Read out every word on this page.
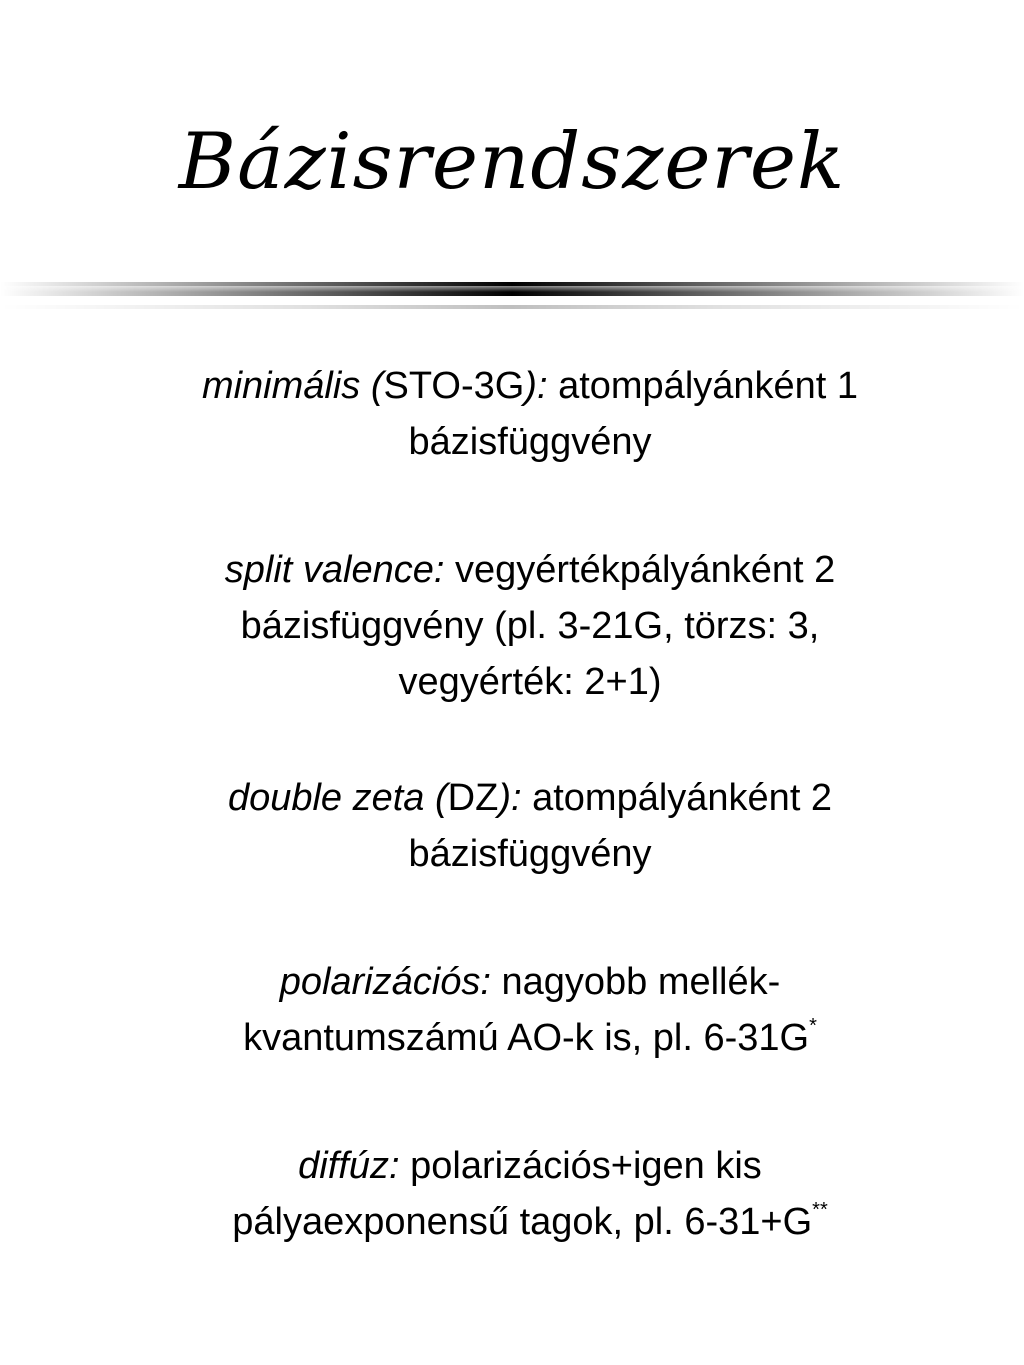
Bázisrendszerek
minimális (STO-3G): atompályánként 1
bázisfüggvény
split valence: vegyértékpályánként 2
bázisfüggvény (pl. 3-21G, törzs: 3,
vegyérték: 2+1)
double zeta (DZ): atompályánként 2
bázisfüggvény
polarizációs: nagyobb mellék-
kvantumszámú AO-k is, pl. 6-31G*
diffúz: polarizációs+igen kis
pályaexponensű tagok, pl. 6-31+G**
